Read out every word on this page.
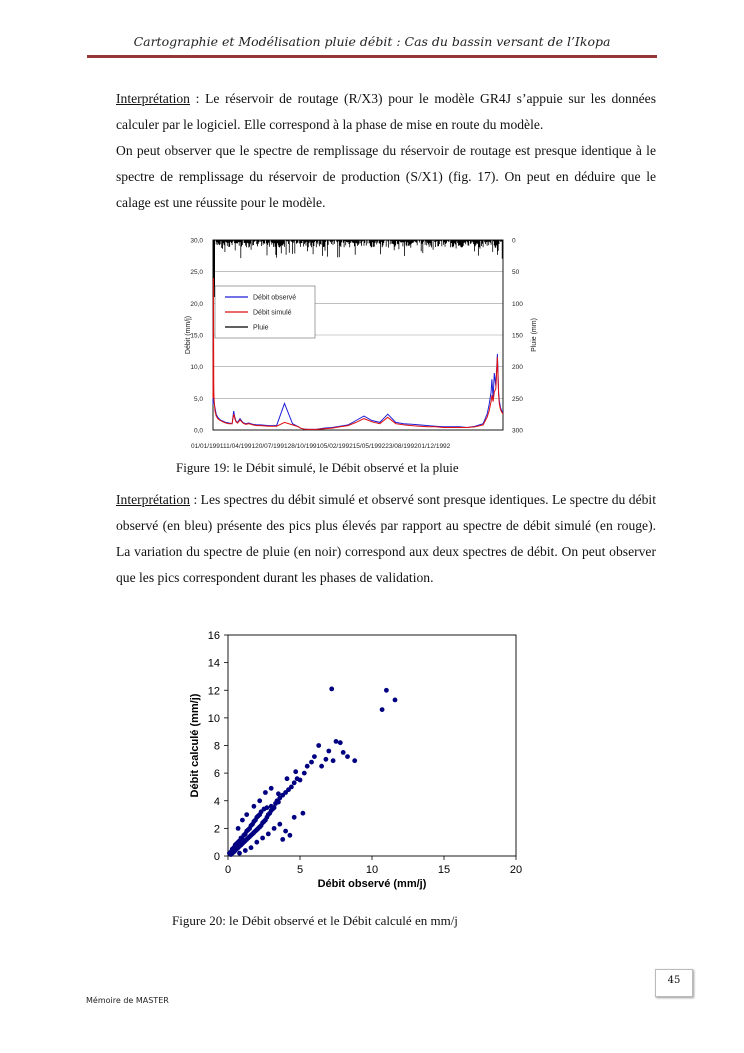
Cartographie et Modélisation pluie débit : Cas du bassin versant de l’Ikopa

Interprétation : Le réservoir de routage (R/X3) pour le modèle GR4J s’appuie sur les données calculer par le logiciel. Elle correspond à la phase de mise en route du modèle.

On peut observer que le spectre de remplissage du réservoir de routage est presque identique à le spectre de remplissage du réservoir de production (S/X1) (fig. 17). On peut en déduire que le calage est une réussite pour le modèle.

0,0
5,0
10,0
15,0
20,0
25,0
30,0
300
250
200
150
100
50
0
Débit (mm/j)	Pluie (mm)
01/01/199111/04/199120/07/199128/10/199105/02/199215/05/199223/08/199201/12/1992
Débit observé
Débit simulé
Pluie
Figure 19: le Débit simulé, le Débit observé et la pluie

Interprétation : Les spectres du débit simulé et observé sont presque identiques. Le spectre du débit observé (en bleu) présente des pics plus élevés par rapport au spectre de débit simulé (en rouge). La variation du spectre de pluie (en noir) correspond aux deux spectres de débit. On peut observer que les pics correspondent durant les phases de validation.

0
2
4
6
8
10
12
14
16
0	5	10	15	20
Débit observé (mm/j)
Débit calculé (mm/j)
Figure 20: le Débit observé et le Débit calculé en mm/j
45
Mémoire de MASTER
